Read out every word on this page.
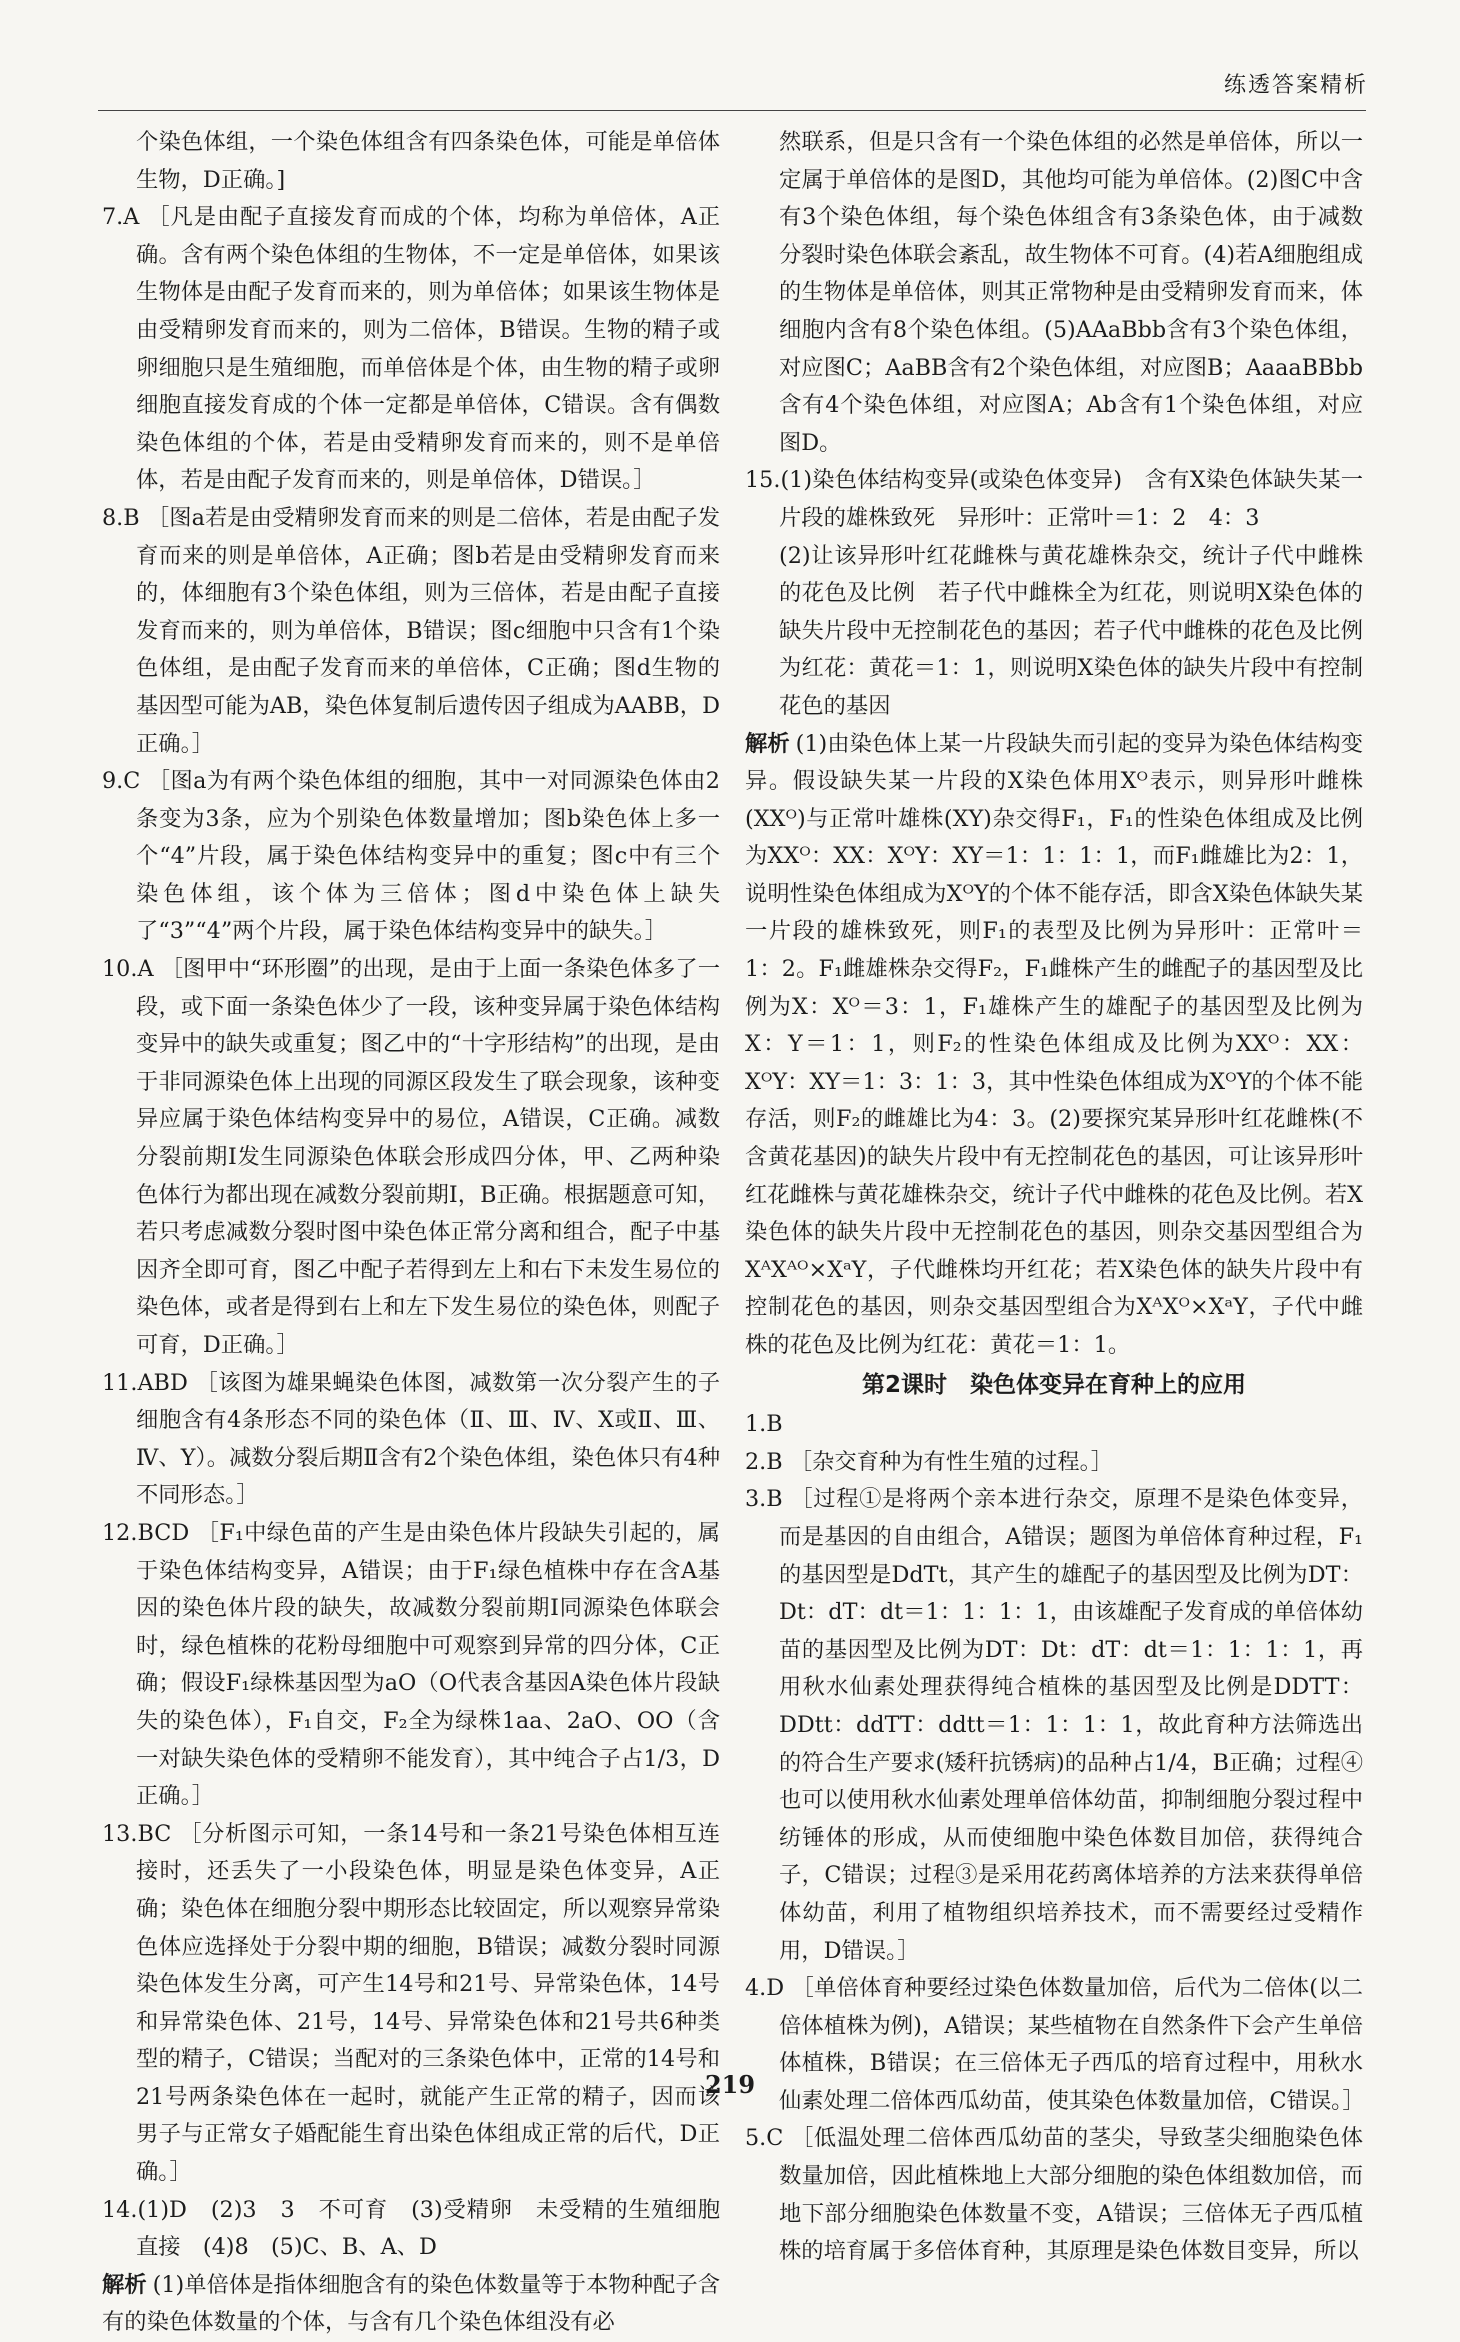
练透答案精析

个染色体组，一个染色体组含有四条染色体，可能是单倍体生物，D正确。]

7.A ［凡是由配子直接发育而成的个体，均称为单倍体，A正确。含有两个染色体组的生物体，不一定是单倍体，如果该生物体是由配子发育而来的，则为单倍体；如果该生物体是由受精卵发育而来的，则为二倍体，B错误。生物的精子或卵细胞只是生殖细胞，而单倍体是个体，由生物的精子或卵细胞直接发育成的个体一定都是单倍体，C错误。含有偶数染色体组的个体，若是由受精卵发育而来的，则不是单倍体，若是由配子发育而来的，则是单倍体，D错误。］

8.B ［图a若是由受精卵发育而来的则是二倍体，若是由配子发育而来的则是单倍体，A正确；图b若是由受精卵发育而来的，体细胞有3个染色体组，则为三倍体，若是由配子直接发育而来的，则为单倍体，B错误；图c细胞中只含有1个染色体组，是由配子发育而来的单倍体，C正确；图d生物的基因型可能为AB，染色体复制后遗传因子组成为AABB，D正确。］

9.C ［图a为有两个染色体组的细胞，其中一对同源染色体由2条变为3条，应为个别染色体数量增加；图b染色体上多一个“4”片段，属于染色体结构变异中的重复；图c中有三个染色体组，该个体为三倍体；图d中染色体上缺失了“3”“4”两个片段，属于染色体结构变异中的缺失。］

10.A ［图甲中“环形圈”的出现，是由于上面一条染色体多了一段，或下面一条染色体少了一段，该种变异属于染色体结构变异中的缺失或重复；图乙中的“十字形结构”的出现，是由于非同源染色体上出现的同源区段发生了联会现象，该种变异应属于染色体结构变异中的易位，A错误，C正确。减数分裂前期Ⅰ发生同源染色体联会形成四分体，甲、乙两种染色体行为都出现在减数分裂前期Ⅰ，B正确。根据题意可知，若只考虑减数分裂时图中染色体正常分离和组合，配子中基因齐全即可育，图乙中配子若得到左上和右下未发生易位的染色体，或者是得到右上和左下发生易位的染色体，则配子可育，D正确。］

11.ABD ［该图为雄果蝇染色体图，减数第一次分裂产生的子细胞含有4条形态不同的染色体（Ⅱ、Ⅲ、Ⅳ、X或Ⅱ、Ⅲ、Ⅳ、Y）。减数分裂后期Ⅱ含有2个染色体组，染色体只有4种不同形态。］

12.BCD ［F₁中绿色苗的产生是由染色体片段缺失引起的，属于染色体结构变异，A错误；由于F₁绿色植株中存在含A基因的染色体片段的缺失，故减数分裂前期Ⅰ同源染色体联会时，绿色植株的花粉母细胞中可观察到异常的四分体，C正确；假设F₁绿株基因型为aO（O代表含基因A染色体片段缺失的染色体），F₁自交，F₂全为绿株1aa、2aO、OO（含一对缺失染色体的受精卵不能发育），其中纯合子占1/3，D正确。］

13.BC ［分析图示可知，一条14号和一条21号染色体相互连接时，还丢失了一小段染色体，明显是染色体变异，A正确；染色体在细胞分裂中期形态比较固定，所以观察异常染色体应选择处于分裂中期的细胞，B错误；减数分裂时同源染色体发生分离，可产生14号和21号、异常染色体，14号和异常染色体、21号，14号、异常染色体和21号共6种类型的精子，C错误；当配对的三条染色体中，正常的14号和21号两条染色体在一起时，就能产生正常的精子，因而该男子与正常女子婚配能生育出染色体组成正常的后代，D正确。］

14.(1)D　(2)3　3　不可育　(3)受精卵　未受精的生殖细胞直接　(4)8　(5)C、B、A、D

解析 (1)单倍体是指体细胞含有的染色体数量等于本物种配子含有的染色体数量的个体，与含有几个染色体组没有必

然联系，但是只含有一个染色体组的必然是单倍体，所以一定属于单倍体的是图D，其他均可能为单倍体。(2)图C中含有3个染色体组，每个染色体组含有3条染色体，由于减数分裂时染色体联会紊乱，故生物体不可育。(4)若A细胞组成的生物体是单倍体，则其正常物种是由受精卵发育而来，体细胞内含有8个染色体组。(5)AAaBbb含有3个染色体组，对应图C；AaBB含有2个染色体组，对应图B；AaaaBBbb含有4个染色体组，对应图A；Ab含有1个染色体组，对应图D。

15.(1)染色体结构变异(或染色体变异)　含有X染色体缺失某一片段的雄株致死　异形叶：正常叶＝1：2　4：3

(2)让该异形叶红花雌株与黄花雄株杂交，统计子代中雌株的花色及比例　若子代中雌株全为红花，则说明X染色体的缺失片段中无控制花色的基因；若子代中雌株的花色及比例为红花：黄花＝1：1，则说明X染色体的缺失片段中有控制花色的基因

解析 (1)由染色体上某一片段缺失而引起的变异为染色体结构变异。假设缺失某一片段的X染色体用Xᴼ表示，则异形叶雌株(XXᴼ)与正常叶雄株(XY)杂交得F₁，F₁的性染色体组成及比例为XXᴼ：XX：XᴼY：XY＝1：1：1：1，而F₁雌雄比为2：1，说明性染色体组成为XᴼY的个体不能存活，即含X染色体缺失某一片段的雄株致死，则F₁的表型及比例为异形叶：正常叶＝1：2。F₁雌雄株杂交得F₂，F₁雌株产生的雌配子的基因型及比例为X：Xᴼ＝3：1，F₁雄株产生的雄配子的基因型及比例为X：Y＝1：1，则F₂的性染色体组成及比例为XXᴼ：XX：XᴼY：XY＝1：3：1：3，其中性染色体组成为XᴼY的个体不能存活，则F₂的雌雄比为4：3。(2)要探究某异形叶红花雌株(不含黄花基因)的缺失片段中有无控制花色的基因，可让该异形叶红花雌株与黄花雄株杂交，统计子代中雌株的花色及比例。若X染色体的缺失片段中无控制花色的基因，则杂交基因型组合为XᴬXᴬᴼ×XᵃY，子代雌株均开红花；若X染色体的缺失片段中有控制花色的基因，则杂交基因型组合为XᴬXᴼ×XᵃY，子代中雌株的花色及比例为红花：黄花＝1：1。

第2课时　染色体变异在育种上的应用

1.B

2.B ［杂交育种为有性生殖的过程。］

3.B ［过程①是将两个亲本进行杂交，原理不是染色体变异，而是基因的自由组合，A错误；题图为单倍体育种过程，F₁的基因型是DdTt，其产生的雄配子的基因型及比例为DT：Dt：dT：dt＝1：1：1：1，由该雄配子发育成的单倍体幼苗的基因型及比例为DT：Dt：dT：dt＝1：1：1：1，再用秋水仙素处理获得纯合植株的基因型及比例是DDTT：DDtt：ddTT：ddtt＝1：1：1：1，故此育种方法筛选出的符合生产要求(矮秆抗锈病)的品种占1/4，B正确；过程④也可以使用秋水仙素处理单倍体幼苗，抑制细胞分裂过程中纺锤体的形成，从而使细胞中染色体数目加倍，获得纯合子，C错误；过程③是采用花药离体培养的方法来获得单倍体幼苗，利用了植物组织培养技术，而不需要经过受精作用，D错误。］

4.D ［单倍体育种要经过染色体数量加倍，后代为二倍体(以二倍体植株为例)，A错误；某些植物在自然条件下会产生单倍体植株，B错误；在三倍体无子西瓜的培育过程中，用秋水仙素处理二倍体西瓜幼苗，使其染色体数量加倍，C错误。］

5.C ［低温处理二倍体西瓜幼苗的茎尖，导致茎尖细胞染色体数量加倍，因此植株地上大部分细胞的染色体组数加倍，而地下部分细胞染色体数量不变，A错误；三倍体无子西瓜植株的培育属于多倍体育种，其原理是染色体数目变异，所以

219
